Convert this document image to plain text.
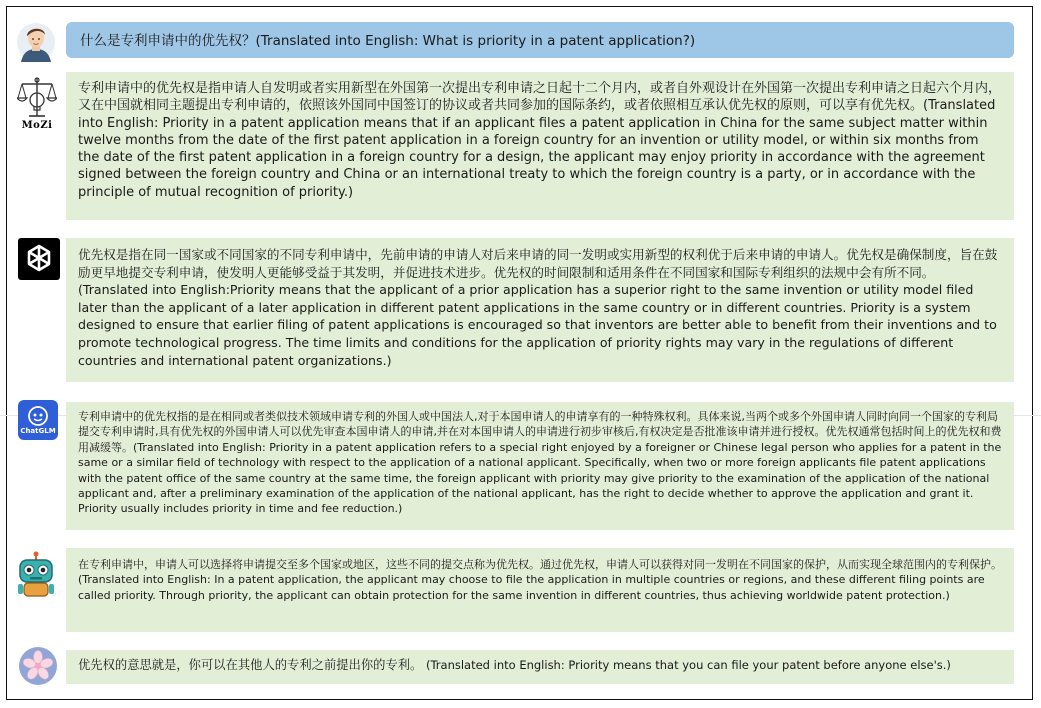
什么是专利申请中的优先权？(Translated into English: What is priority in a patent application?)
MoZi
专利申请中的优先权是指申请人自发明或者实用新型在外国第一次提出专利申请之日起十二个月内，或者自外观设计在外国第一次提出专利申请之日起六个月内，又在中国就相同主题提出专利申请的，依照该外国同中国签订的协议或者共同参加的国际条约，或者依照相互承认优先权的原则，可以享有优先权。(Translated into English: Priority in a patent application means that if an applicant files a patent application in China for the same subject matter within twelve months from the date of the first patent application in a foreign country for an invention or utility model, or within six months from the date of the first patent application in a foreign country for a design, the applicant may enjoy priority in accordance with the agreement signed between the foreign country and China or an international treaty to which the foreign country is a party, or in accordance with the principle of mutual recognition of priority.)
优先权是指在同一国家或不同国家的不同专利申请中，先前申请的申请人对后来申请的同一发明或实用新型的权利优于后来申请的申请人。优先权是确保制度，旨在鼓励更早地提交专利申请，使发明人更能够受益于其发明，并促进技术进步。优先权的时间限制和适用条件在不同国家和国际专利组织的法规中会有所不同。(Translated into English:Priority means that the applicant of a prior application has a superior right to the same invention or utility model filed later than the applicant of a later application in different patent applications in the same country or in different countries. Priority is a system designed to ensure that earlier filing of patent applications is encouraged so that inventors are better able to benefit from their inventions and to promote technological progress. The time limits and conditions for the application of priority rights may vary in the regulations of different countries and international patent organizations.)
ChatGLM
专利申请中的优先权指的是在相同或者类似技术领域申请专利的外国人或中国法人,对于本国申请人的申请享有的一种特殊权利。具体来说,当两个或多个外国申请人同时向同一个国家的专利局提交专利申请时,具有优先权的外国申请人可以优先审查本国申请人的申请,并在对本国申请人的申请进行初步审核后,有权决定是否批准该申请并进行授权。优先权通常包括时间上的优先权和费用减缓等。(Translated into English: Priority in a patent application refers to a special right enjoyed by a foreigner or Chinese legal person who applies for a patent in the same or a similar field of technology with respect to the application of a national applicant. Specifically, when two or more foreign applicants file patent applications with the patent office of the same country at the same time, the foreign applicant with priority may give priority to the examination of the application of the national applicant and, after a preliminary examination of the application of the national applicant, has the right to decide whether to approve the application and grant it. Priority usually includes priority in time and fee reduction.)
在专利申请中，申请人可以选择将申请提交至多个国家或地区，这些不同的提交点称为优先权。通过优先权，申请人可以获得对同一发明在不同国家的保护，从而实现全球范围内的专利保护。(Translated into English: In a patent application, the applicant may choose to file the application in multiple countries or regions, and these different filing points are called priority. Through priority, the applicant can obtain protection for the same invention in different countries, thus achieving worldwide patent protection.)
优先权的意思就是，你可以在其他人的专利之前提出你的专利。 (Translated into English: Priority means that you can file your patent before anyone else's.)
